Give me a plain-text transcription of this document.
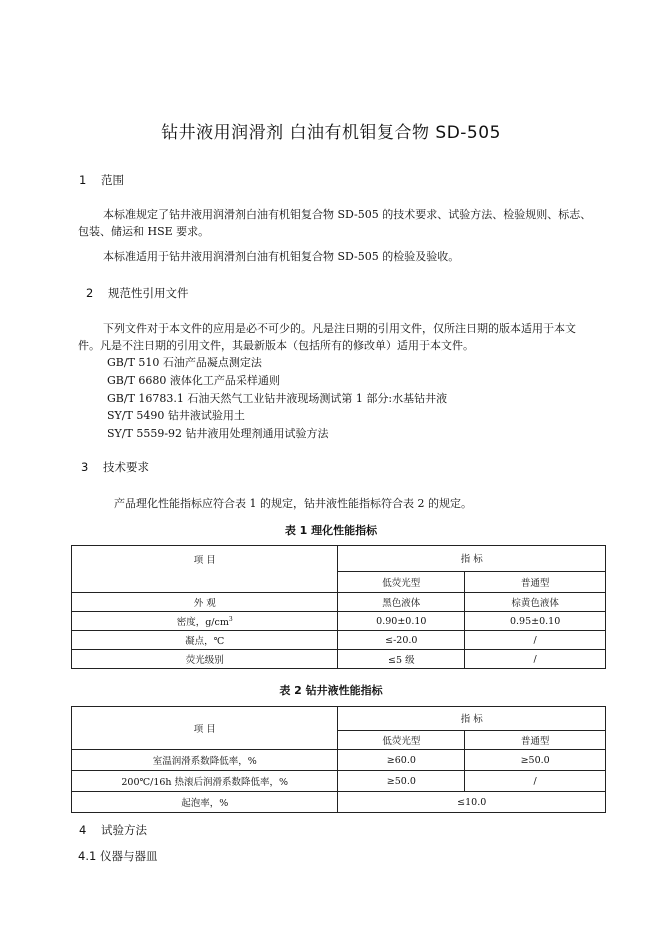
钻井液用润滑剂 白油有机钼复合物 SD-505
1 范围
本标准规定了钻井液用润滑剂白油有机钼复合物 SD-505 的技术要求、试验方法、检验规则、标志、
包装、储运和 HSE 要求。
本标准适用于钻井液用润滑剂白油有机钼复合物 SD-505 的检验及验收。
2 规范性引用文件
下列文件对于本文件的应用是必不可少的。凡是注日期的引用文件，仅所注日期的版本适用于本文
件。凡是不注日期的引用文件，其最新版本（包括所有的修改单）适用于本文件。
GB/T 510 石油产品凝点测定法
GB/T 6680 液体化工产品采样通则
GB/T 16783.1 石油天然气工业钻井液现场测试第 1 部分:水基钻井液
SY/T 5490 钻井液试验用土
SY/T 5559-92 钻井液用处理剂通用试验方法
3 技术要求
产品理化性能指标应符合表 1 的规定，钻井液性能指标符合表 2 的规定。
表 1 理化性能指标
项 目	指 标	
	低荧光型	普通型
外 观	黑色液体	棕黄色液体
密度，$g/cm^3$	0.90±0.10	0.95±0.10
凝点，℃	≤-20.0	/
荧光级别	≤5 级	/
表 2 钻井液性能指标
项 目	指 标	
	低荧光型	普通型
室温润滑系数降低率，%	≥60.0	≥50.0
200℃/16h 热滚后润滑系数降低率，%	≥50.0	/
起泡率，%	≤10.0	
4 试验方法
4.1 仪器与器皿
